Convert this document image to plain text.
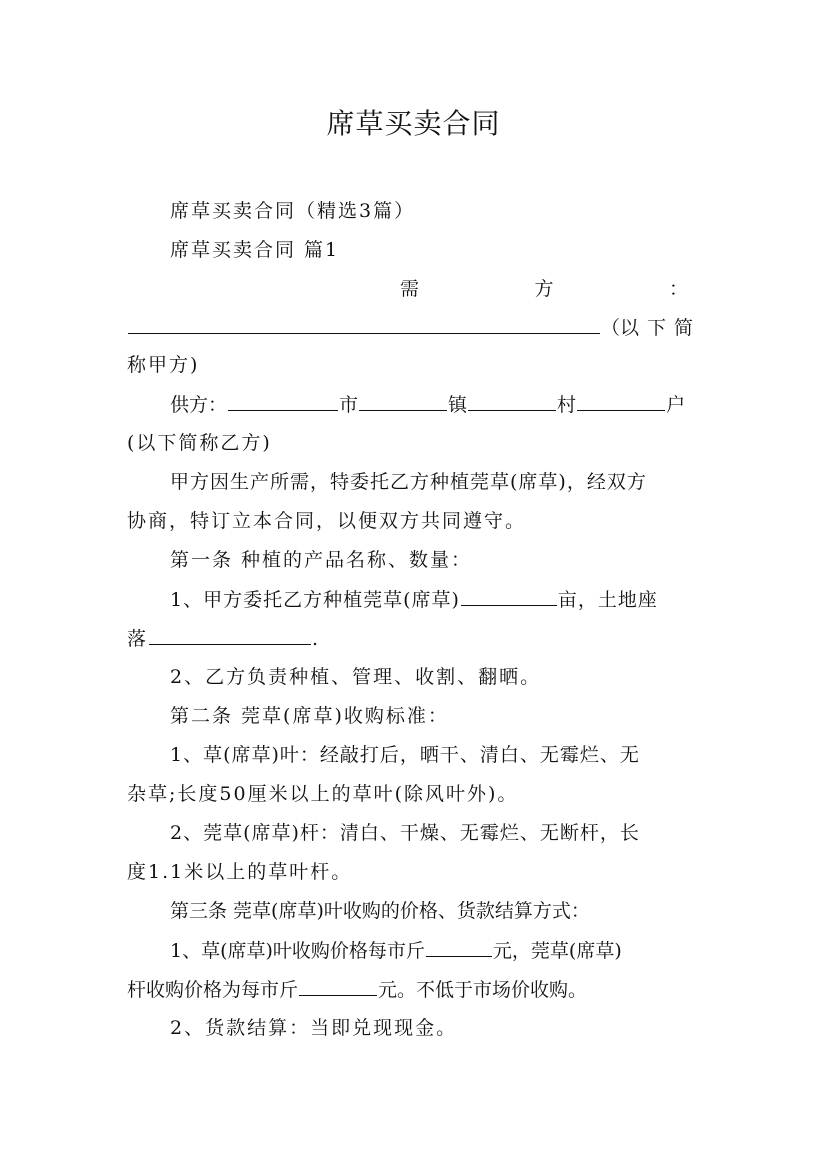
席草买卖合同
席草买卖合同（精选3篇）
席草买卖合同 篇1
需	方	：
（以 下 简
称甲方)
供方：	市	镇	村	户
(以下简称乙方)
甲方因生产所需，特委托乙方种植莞草(席草)，经双方
协商，特订立本合同，以便双方共同遵守。
第一条 种植的产品名称、数量：
1、甲方委托乙方种植莞草(席草)	亩，土地座
落	.
2、乙方负责种植、管理、收割、翻晒。
第二条 莞草(席草)收购标准：
1、草(席草)叶：经敲打后，晒干、清白、无霉烂、无
杂草;长度50厘米以上的草叶(除风叶外)。
2、莞草(席草)杆：清白、干燥、无霉烂、无断杆，长
度1.1米以上的草叶杆。
第三条 莞草(席草)叶收购的价格、货款结算方式：
1、草(席草)叶收购价格每市斤	元，莞草(席草)
杆收购价格为每市斤	元。不低于市场价收购。
2、货款结算：当即兑现现金。
